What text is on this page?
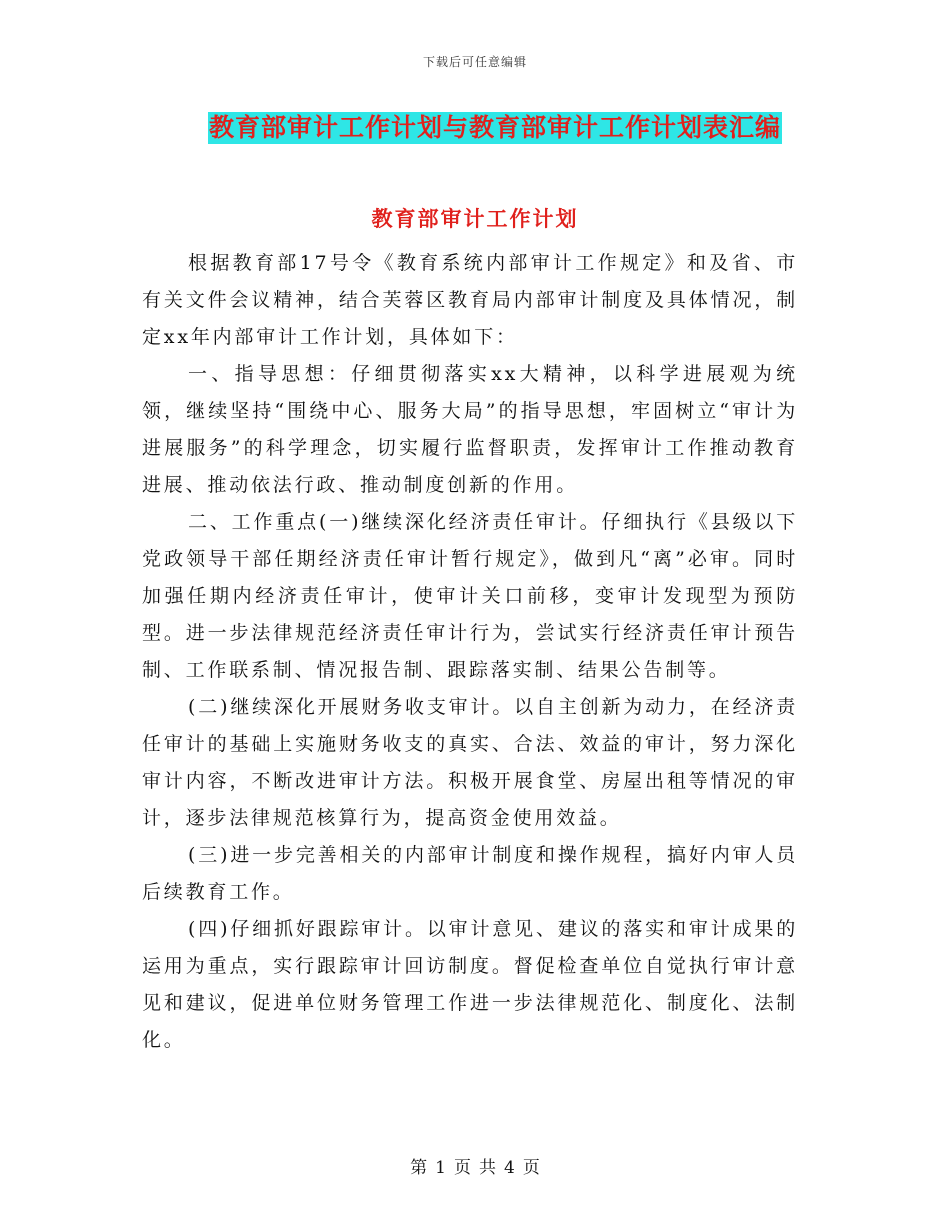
下载后可任意编辑
教育部审计工作计划与教育部审计工作计划表汇编
教育部审计工作计划

根据教育部17号令《教育系统内部审计工作规定》和及省、市有关文件会议精神，结合芙蓉区教育局内部审计制度及具体情况，制定xx年内部审计工作计划，具体如下：

一、指导思想：仔细贯彻落实xx大精神，以科学进展观为统领，继续坚持“围绕中心、服务大局”的指导思想，牢固树立“审计为进展服务”的科学理念，切实履行监督职责，发挥审计工作推动教育进展、推动依法行政、推动制度创新的作用。

二、工作重点(一)继续深化经济责任审计。仔细执行《县级以下党政领导干部任期经济责任审计暂行规定》，做到凡“离”必审。同时加强任期内经济责任审计，使审计关口前移，变审计发现型为预防型。进一步法律规范经济责任审计行为，尝试实行经济责任审计预告制、工作联系制、情况报告制、跟踪落实制、结果公告制等。

(二)继续深化开展财务收支审计。以自主创新为动力，在经济责任审计的基础上实施财务收支的真实、合法、效益的审计，努力深化审计内容，不断改进审计方法。积极开展食堂、房屋出租等情况的审计，逐步法律规范核算行为，提高资金使用效益。

(三)进一步完善相关的内部审计制度和操作规程，搞好内审人员后续教育工作。

(四)仔细抓好跟踪审计。以审计意见、建议的落实和审计成果的运用为重点，实行跟踪审计回访制度。督促检查单位自觉执行审计意见和建议，促进单位财务管理工作进一步法律规范化、制度化、法制化。

第 1 页 共 4 页
